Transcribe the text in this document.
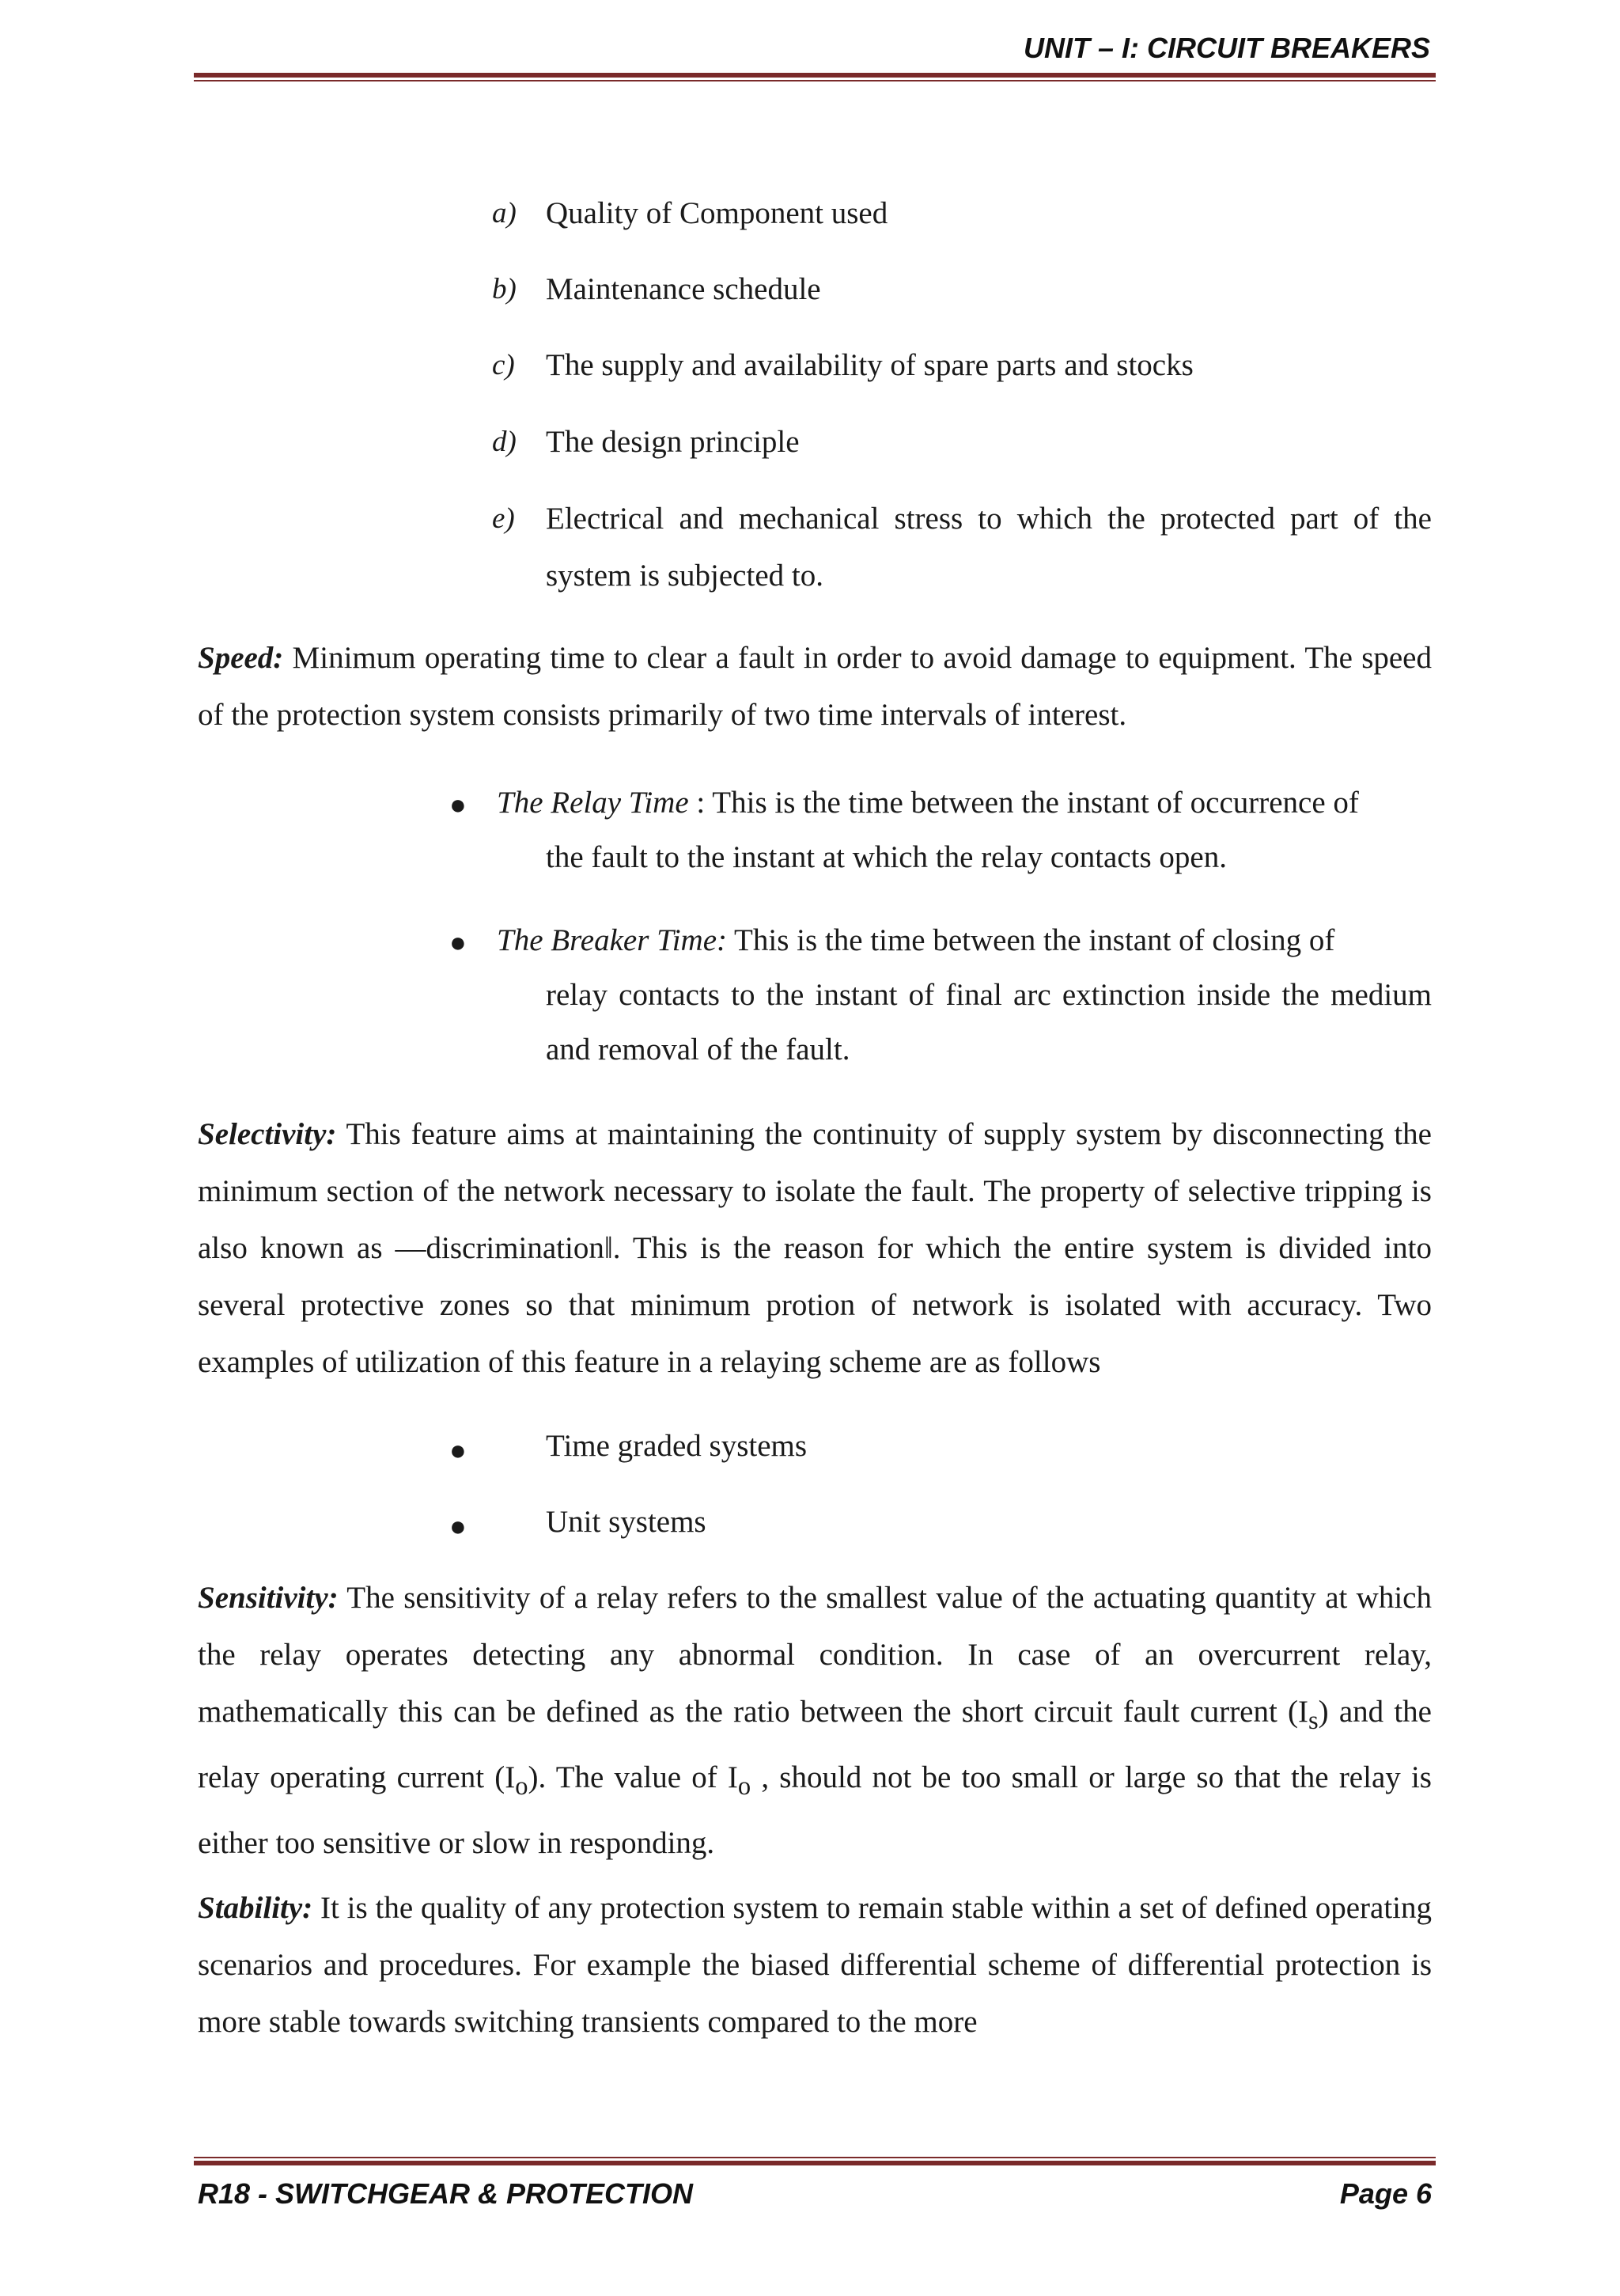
UNIT – I: CIRCUIT BREAKERS
a) Quality of Component used
b) Maintenance schedule
c) The supply and availability of spare parts and stocks
d) The design principle
e) Electrical and mechanical stress to which the protected part of the system is subjected to.
Speed: Minimum operating time to clear a fault in order to avoid damage to equipment. The speed of the protection system consists primarily of two time intervals of interest.
● The Relay Time : This is the time between the instant of occurrence of
the fault to the instant at which the relay contacts open.
● The Breaker Time: This is the time between the instant of closing of
relay contacts to the instant of final arc extinction inside the medium and removal of the fault.
Selectivity: This feature aims at maintaining the continuity of supply system by disconnecting the minimum section of the network necessary to isolate the fault. The property of selective tripping is also known as ―discrimination‖. This is the reason for which the entire system is divided into several protective zones so that minimum protion of network is isolated with accuracy. Two examples of utilization of this feature in a relaying scheme are as follows
●	Time graded systems
●	Unit systems
Sensitivity: The sensitivity of a relay refers to the smallest value of the actuating quantity at which the relay operates detecting any abnormal condition. In case of an overcurrent relay, mathematically this can be defined as the ratio between the short circuit fault current $(I_s)$ and the relay operating current $(I_o)$. The value of $I_o$ , should not be too small or large so that the relay is either too sensitive or slow in responding.
Stability: It is the quality of any protection system to remain stable within a set of defined operating scenarios and procedures. For example the biased differential scheme of differential protection is more stable towards switching transients compared to the more
R18 - SWITCHGEAR & PROTECTION	Page 6
